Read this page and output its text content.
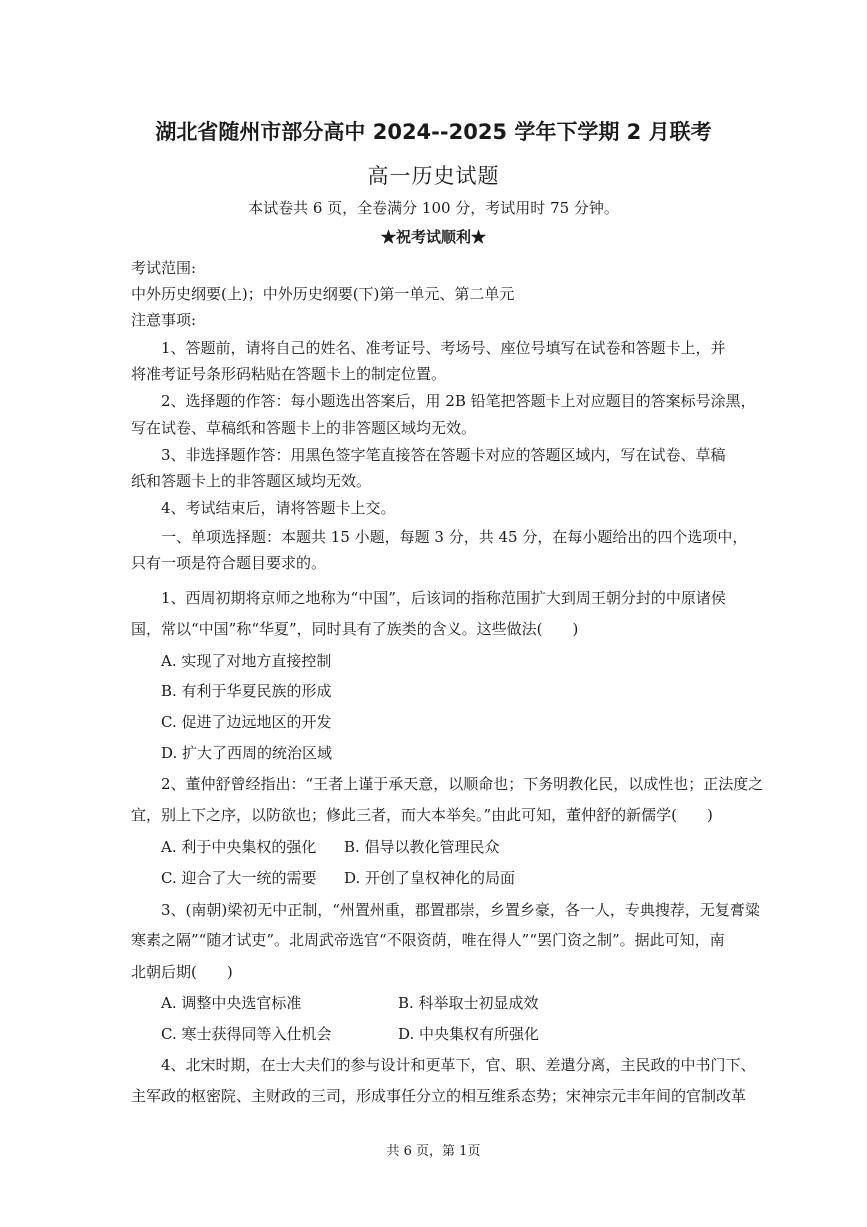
湖北省随州市部分高中 2024--2025 学年下学期 2 月联考
高一历史试题
本试卷共 6 页，全卷满分 100 分，考试用时 75 分钟。
★祝考试顺利★
考试范围:
中外历史纲要(上)；中外历史纲要(下)第一单元、第二单元
注意事项:
1、答题前，请将自己的姓名、准考证号、考场号、座位号填写在试卷和答题卡上，并
将准考证号条形码粘贴在答题卡上的制定位置。
2、选择题的作答：每小题选出答案后，用 2B 铅笔把答题卡上对应题目的答案标号涂黑，
写在试卷、草稿纸和答题卡上的非答题区域均无效。
3、非选择题作答：用黑色签字笔直接答在答题卡对应的答题区域内，写在试卷、草稿
纸和答题卡上的非答题区域均无效。
4、考试结束后，请将答题卡上交。
一、单项选择题：本题共 15 小题，每题 3 分，共 45 分，在每小题给出的四个选项中，
只有一项是符合题目要求的。
1、西周初期将京师之地称为“中国”，后该词的指称范围扩大到周王朝分封的中原诸侯
国，常以“中国”称“华夏”，同时具有了族类的含义。这些做法(　　)
A. 实现了对地方直接控制
B. 有利于华夏民族的形成
C. 促进了边远地区的开发
D. 扩大了西周的统治区域
2、董仲舒曾经指出：“王者上谨于承天意，以顺命也；下务明教化民，以成性也；正法度之
宜，别上下之序，以防欲也；修此三者，而大本举矣。”由此可知，董仲舒的新儒学(　　)
A. 利于中央集权的强化 B. 倡导以教化管理民众
C. 迎合了大一统的需要 D. 开创了皇权神化的局面
3、(南朝)梁初无中正制，“州置州重，郡置郡崇，乡置乡豪，各一人，专典搜荐，无复膏粱
寒素之隔”“随才试吏”。北周武帝选官“不限资荫，唯在得人”“罢门资之制”。据此可知，南
北朝后期(　　)
A. 调整中央选官标准	B. 科举取士初显成效
C. 寒士获得同等入仕机会	D. 中央集权有所强化
4、北宋时期，在士大夫们的参与设计和更革下，官、职、差遣分离，主民政的中书门下、
主军政的枢密院、主财政的三司，形成事任分立的相互维系态势；宋神宗元丰年间的官制改革
共 6 页，第 1页
